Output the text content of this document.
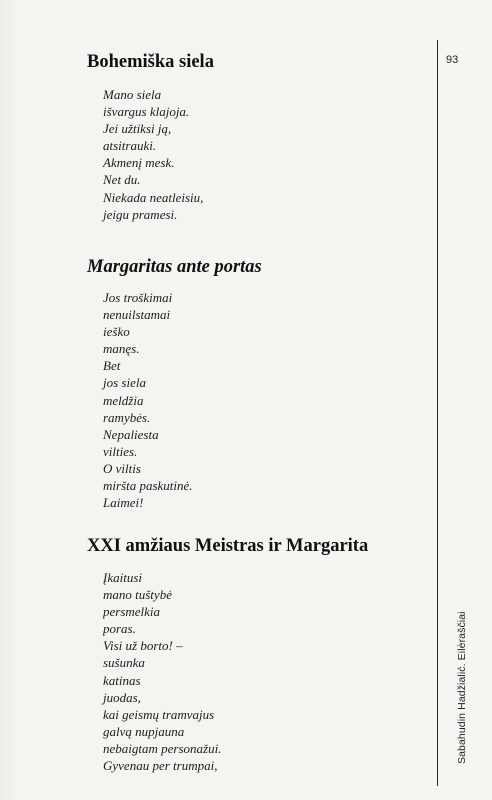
93
Sabahudin Hadžialić. Eilėraščiai
Bohemiška siela
Mano siela
išvargus klajoja.
Jei užtiksi ją,
atsitrauki.
Akmenį mesk.
Net du.
Niekada neatleisiu,
jeigu pramesi.
Margaritas ante portas
Jos troškimai
nenuilstamai
ieško
manęs.
Bet
jos siela
meldžia
ramybės.
Nepaliesta
vilties.
O viltis
miršta paskutinė.
Laimei!
XXI amžiaus Meistras ir Margarita
Įkaitusi
mano tuštybė
persmelkia
poras.
Visi už borto! –
sušunka
katinas
juodas,
kai geismų tramvajus
galvą nupjauna
nebaigtam personažui.
Gyvenau per trumpai,
